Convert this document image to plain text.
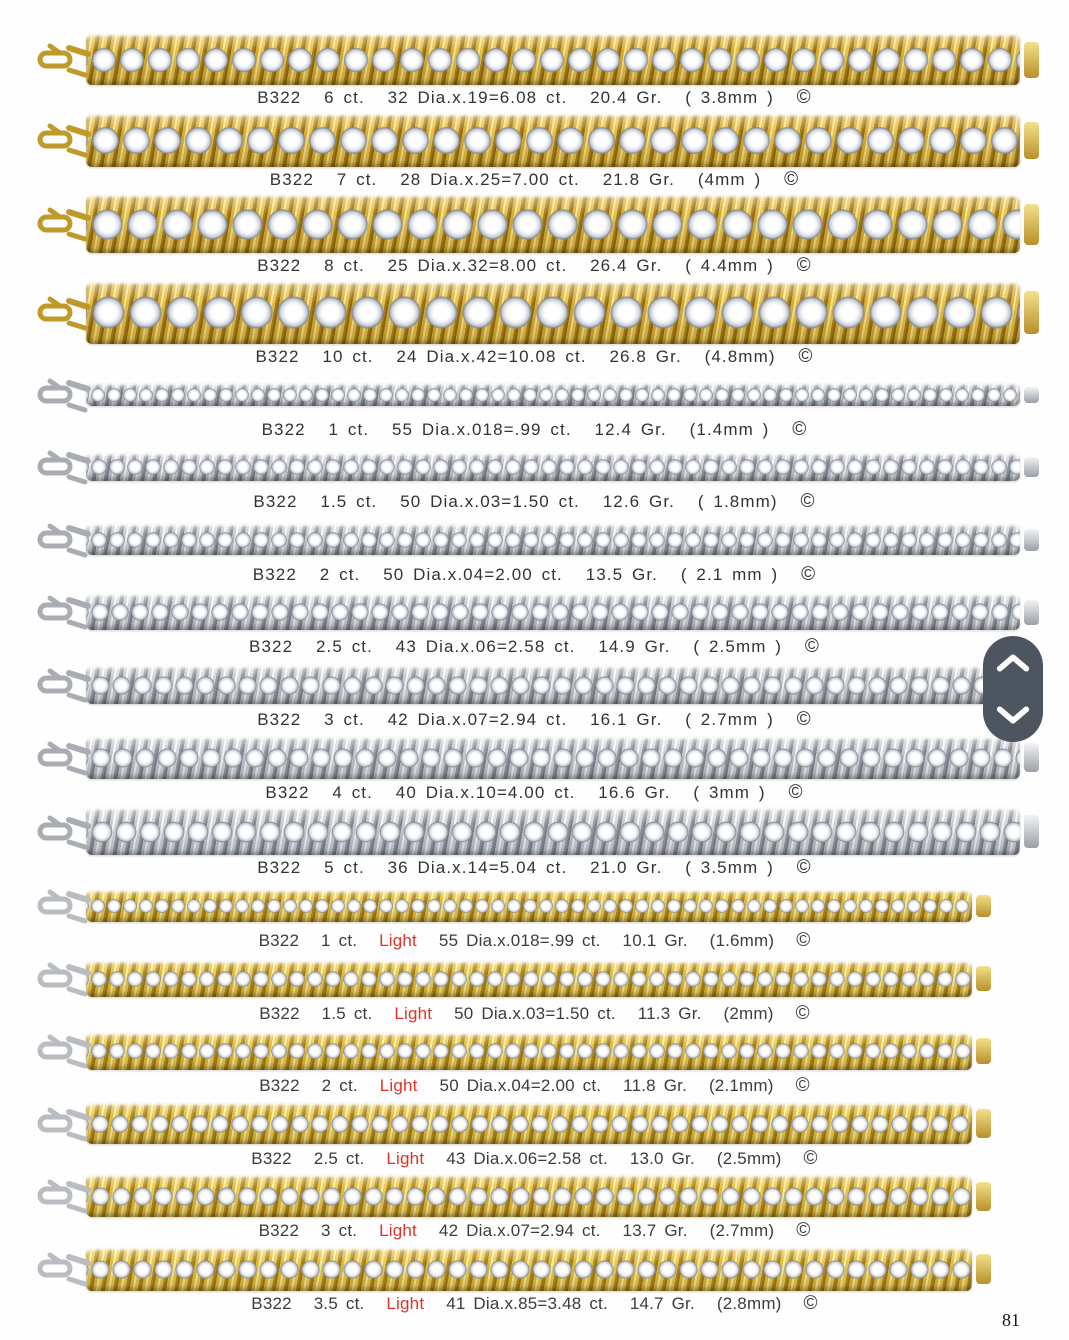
B322 6 ct. 32 Dia.x.19=6.08 ct. 20.4 Gr. ( 3.8mm ) ©
B322 7 ct. 28 Dia.x.25=7.00 ct. 21.8 Gr. (4mm ) ©
B322 8 ct. 25 Dia.x.32=8.00 ct. 26.4 Gr. ( 4.4mm ) ©
B322 10 ct. 24 Dia.x.42=10.08 ct. 26.8 Gr. (4.8mm) ©
B322 1 ct. 55 Dia.x.018=.99 ct. 12.4 Gr. (1.4mm ) ©
B322 1.5 ct. 50 Dia.x.03=1.50 ct. 12.6 Gr. ( 1.8mm) ©
B322 2 ct. 50 Dia.x.04=2.00 ct. 13.5 Gr. ( 2.1 mm ) ©
B322 2.5 ct. 43 Dia.x.06=2.58 ct. 14.9 Gr. ( 2.5mm ) ©
B322 3 ct. 42 Dia.x.07=2.94 ct. 16.1 Gr. ( 2.7mm ) ©
B322 4 ct. 40 Dia.x.10=4.00 ct. 16.6 Gr. ( 3mm ) ©
B322 5 ct. 36 Dia.x.14=5.04 ct. 21.0 Gr. ( 3.5mm ) ©
B322 1 ct. Light 55 Dia.x.018=.99 ct. 10.1 Gr. (1.6mm) ©
B322 1.5 ct. Light 50 Dia.x.03=1.50 ct. 11.3 Gr. (2mm) ©
B322 2 ct. Light 50 Dia.x.04=2.00 ct. 11.8 Gr. (2.1mm) ©
B322 2.5 ct. Light 43 Dia.x.06=2.58 ct. 13.0 Gr. (2.5mm) ©
B322 3 ct. Light 42 Dia.x.07=2.94 ct. 13.7 Gr. (2.7mm) ©
B322 3.5 ct. Light 41 Dia.x.85=3.48 ct. 14.7 Gr. (2.8mm) ©
81
